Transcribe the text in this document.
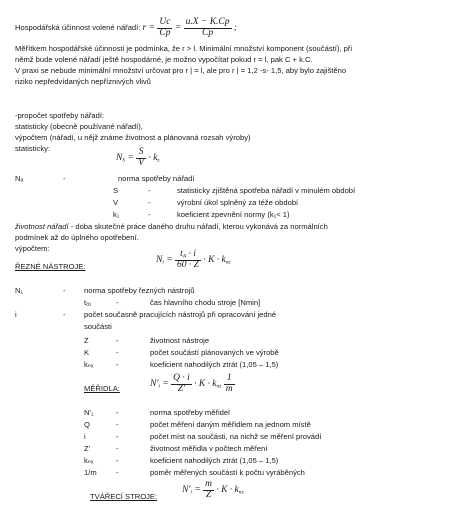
Hospodářská účinnost volené nářadí: $r = \frac{Uc}{Cp} = \frac{u.X - K.Cp}{Cp}$ ;
Měřítkem hospodářské účinnosti je podmínka, že r > l. Minimální množství komponent (součástí), při
němž bude volené nářadí ještě hospodárné, je možno vypočítat pokud r = l, pak C + k.C.
V praxi se nebude minimální množství určovat pro r | = l, ale pro r | = 1,2 -s- 1,5, aby bylo zajištěno
riziko nepředvídaných nepříznivých vlivů
-propočet spotřeby nářadí:
statisticky (obecně používané nářadí),
výpočtem (nářadí, u nějž známe životnost a plánovaná rozsah výroby)
statisticky:
$N_S = \frac{S}{V} \cdot k_z$
Nₐ	-	norma spotřeby nářadí
S	-	statisticky zjištěná spotřeba nářadí v minulém období
V	-	výrobní úkol splněný za téže období
k₁	-	koeficient zpevnění normy (k₁< 1)
životnost nářadí - doba skutečné práce daného druhu nářadí, kterou vykonává za normálních
podmínek až do úplného opotřebení.
výpočtem:
ŘEZNÉ NÁSTROJE:
$N_i = \frac{t_A \cdot i}{60 \cdot Z} \cdot K \cdot k_{nz}$
N₁	- norma spotřeby řezných nástrojů
tₐ₁	-	čas hlavního chodu stroje [Nmin]
i	- počet současně pracujících nástrojů při opracování jedné
součásti
Z	-	životnost nástroje
K	-	počet součástí plánovaných ve výrobě
kₙₓ	-	koeficient nahodilých ztrát (1,05 – 1,5)
MĚŘIDLA:	$N'_i = \frac{Q \cdot i}{Z'} \cdot K \cdot k_{nz} \frac{1}{m}$
N'₁	-	norma spotřeby měřidel
Q	-	počet měření daným měřidlem na jednom místě
i	-	počet míst na součásti, na nichž se měření provádí
Z'	-	životnost měřidla v počtech měření
kₙₓ	-	koeficient nahodilých ztrát (1,05 – 1,5)
1/m	-	poměr měřených součástí k počtu vyráběných
TVÁŘECÍ STROJE:
$N'_i = \frac{m}{Z} \cdot K \cdot k_{nz}$
